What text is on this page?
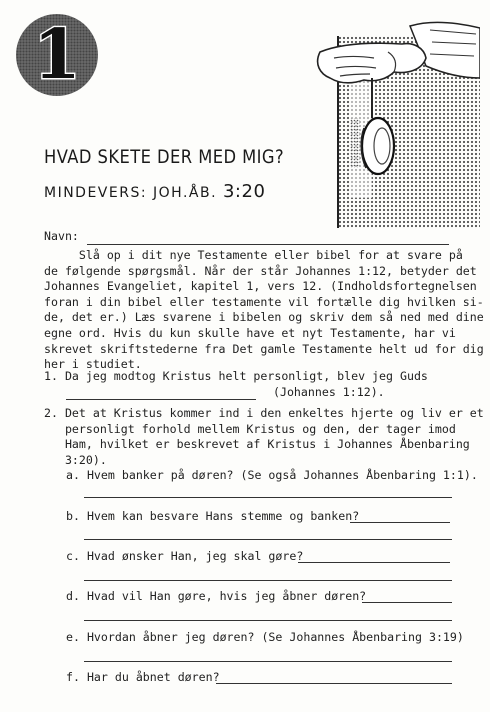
1
HVAD SKETE DER MED MIG?
MINDEVERS: JOH.ÅB. 3:20
Navn:
Slå op i dit nye Testamente eller bibel for at svare på
de følgende spørgsmål. Når der står Johannes 1:12, betyder det
Johannes Evangeliet, kapitel 1, vers 12. (Indholdsfortegnelsen
foran i din bibel eller testamente vil fortælle dig hvilken si-
de, det er.) Læs svarene i bibelen og skriv dem så ned med dine
egne ord. Hvis du kun skulle have et nyt Testamente, har vi
skrevet skriftstederne fra Det gamle Testamente helt ud for dig
her i studiet.
1. Da jeg modtog Kristus helt personligt, blev jeg Guds
(Johannes 1:12).
2. Det at Kristus kommer ind i den enkeltes hjerte og liv er et
personligt forhold mellem Kristus og den, der tager imod
Ham, hvilket er beskrevet af Kristus i Johannes Åbenbaring
3:20).
a. Hvem banker på døren? (Se også Johannes Åbenbaring 1:1).
b. Hvem kan besvare Hans stemme og banken?
c. Hvad ønsker Han, jeg skal gøre?
d. Hvad vil Han gøre, hvis jeg åbner døren?
e. Hvordan åbner jeg døren? (Se Johannes Åbenbaring 3:19)
f. Har du åbnet døren?
